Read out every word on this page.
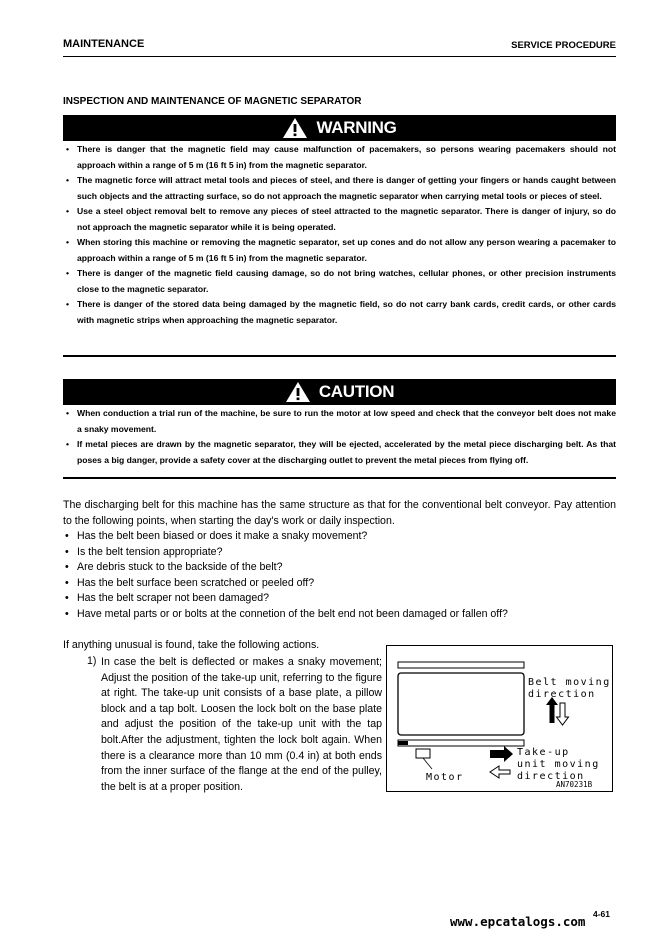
MAINTENANCE	SERVICE PROCEDURE
INSPECTION AND MAINTENANCE OF MAGNETIC SEPARATOR
WARNING
• There is danger that the magnetic field may cause malfunction of pacemakers, so persons wearing pacemakers should not approach within a range of 5 m (16 ft 5 in) from the magnetic separator.
• The magnetic force will attract metal tools and pieces of steel, and there is danger of getting your fingers or hands caught between such objects and the attracting surface, so do not approach the magnetic separator when carrying metal tools or pieces of steel.
• Use a steel object removal belt to remove any pieces of steel attracted to the magnetic separator. There is danger of injury, so do not approach the magnetic separator while it is being operated.
• When storing this machine or removing the magnetic separator, set up cones and do not allow any person wearing a pacemaker to approach within a range of 5 m (16 ft 5 in) from the magnetic separator.
• There is danger of the magnetic field causing damage, so do not bring watches, cellular phones, or other precision instruments close to the magnetic separator.
• There is danger of the stored data being damaged by the magnetic field, so do not carry bank cards, credit cards, or other cards with magnetic strips when approaching the magnetic separator.
CAUTION
• When conduction a trial run of the machine, be sure to run the motor at low speed and check that the conveyor belt does not make a snaky movement.
• If metal pieces are drawn by the magnetic separator, they will be ejected, accelerated by the metal piece discharging belt. As that poses a big danger, provide a safety cover at the discharging outlet to prevent the metal pieces from flying off.
The discharging belt for this machine has the same structure as that for the conventional belt conveyor. Pay attention to the following points, when starting the day's work or daily inspection.
• Has the belt been biased or does it make a snaky movement?
• Is the belt tension appropriate?
• Are debris stuck to the backside of the belt?
• Has the belt surface been scratched or peeled off?
• Has the belt scraper not been damaged?
• Have metal parts or or bolts at the connetion of the belt end not been damaged or fallen off?
If anything unusual is found, take the following actions.
1) In case the belt is deflected or makes a snaky movement; Adjust the position of the take-up unit, referring to the figure at right. The take-up unit consists of a base plate, a pillow block and a tap bolt. Loosen the lock bolt on the base plate and adjust the position of the take-up unit with the tap bolt.After the adjustment, tighten the lock bolt again. When there is a clearance more than 10 mm (0.4 in) at both ends from the inner surface of the flange at the end of the pulley, the belt is at a proper position.
Belt moving
direction
Take-up
unit moving
direction
Motor
AN70231B
4-61
www.epcatalogs.com
